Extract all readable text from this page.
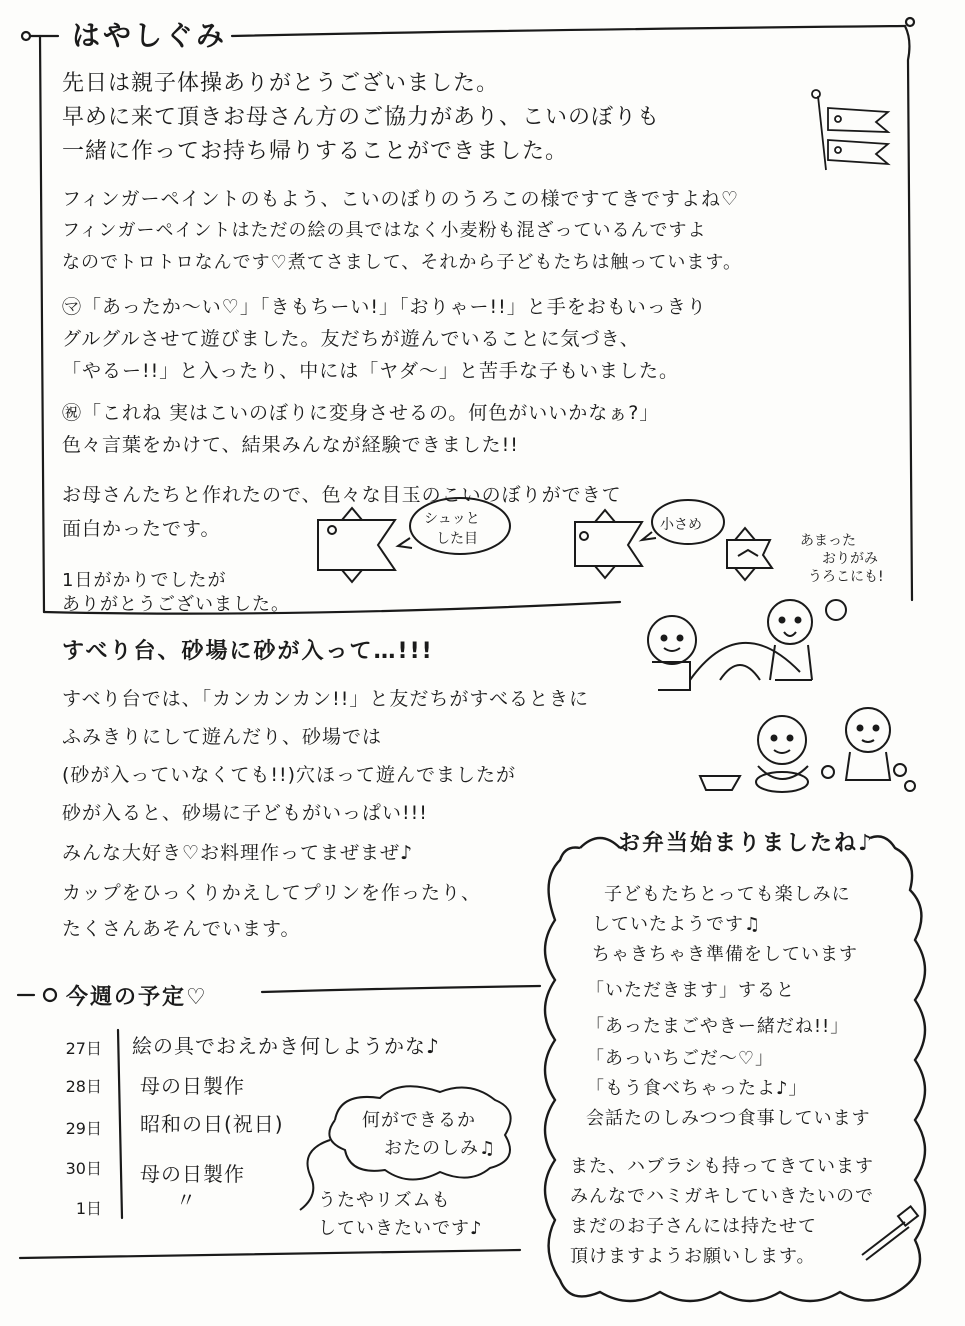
はやしぐみ
先日は親子体操ありがとうございました。
早めに来て頂きお母さん方のご協力があり、こいのぼりも
一緒に作ってお持ち帰りすることができました。
フィンガーペイントのもよう、こいのぼりのうろこの様ですてきですよね♡
フィンガーペイントはただの絵の具ではなく小麦粉も混ざっているんですよ
なのでトロトロなんです♡煮てさまして、それから子どもたちは触っています。
㋮「あったか〜い♡」「きもちーい!」「おりゃー!!」と手をおもいっきり
グルグルさせて遊びました。友だちが遊んでいることに気づき、
「やるー!!」と入ったり、中には「ヤダ〜」と苦手な子もいました。
㊗「これね 実はこいのぼりに変身させるの。何色がいいかなぁ?」
色々言葉をかけて、結果みんなが経験できました!!
お母さんたちと作れたので、色々な目玉のこいのぼりができて
面白かったです。
1日がかりでしたが
ありがとうございました。
シュッと
した目
小さめ
あまった
おりがみ
うろこにも!
すべり台、砂場に砂が入って…!!!
すべり台では、「カンカンカン!!」と友だちがすべるときに
ふみきりにして遊んだり、砂場では
(砂が入っていなくても!!)穴ほって遊んでましたが
砂が入ると、砂場に子どもがいっぱい!!!
みんな大好き♡お料理作ってまぜまぜ♪
カップをひっくりかえしてプリンを作ったり、
たくさんあそんでいます。
お弁当始まりましたね♪
子どもたちとっても楽しみに
していたようです♫
ちゃきちゃき準備をしています
「いただきます」すると
「あったまごやきー緒だね!!」
「あっいちごだ〜♡」
「もう食べちゃったよ♪」
会話たのしみつつ食事しています
また、ハブラシも持ってきています
みんなでハミガキしていきたいので
まだのお子さんには持たせて
頂けますようお願いします。
今週の予定♡
27日 絵の具でおえかき何しようかな♪
28日 母の日製作
29日 昭和の日(祝日)
30日 母の日製作
1日	〃
何ができるか
おたのしみ♫
うたやリズムも
していきたいです♪
